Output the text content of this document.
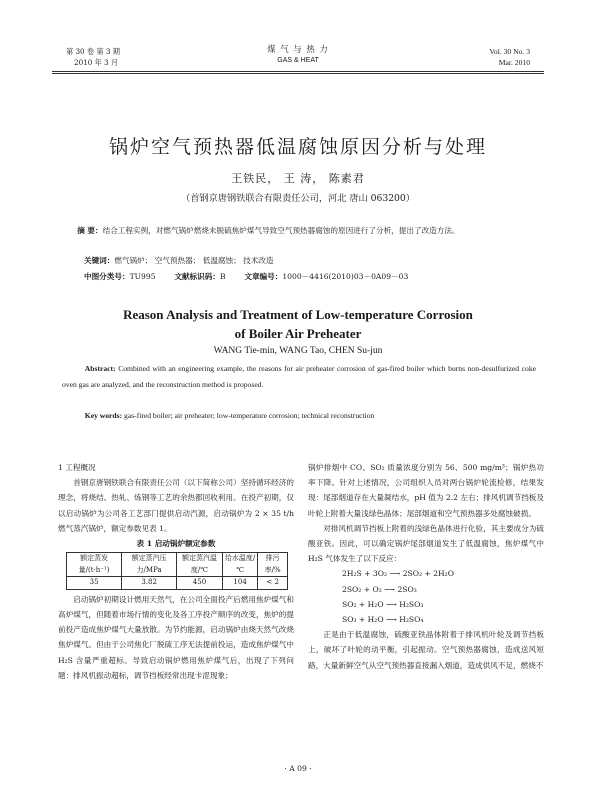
第 30 卷 第 3 期
2010 年 3 月
煤 气 与 热 力
GAS & HEAT
Vol. 30 No. 3
Mar. 2010
锅炉空气预热器低温腐蚀原因分析与处理
王铁民， 王 涛， 陈素君
（首钢京唐钢铁联合有限责任公司，河北 唐山 063200）
摘 要：结合工程实例，对燃气锅炉燃烧未脱硫焦炉煤气导致空气预热器腐蚀的原因进行了分析，提出了改造方法。
关键词：燃气锅炉； 空气预热器； 低温腐蚀； 技术改造
中图分类号：TU995 文献标识码：B 文章编号：1000－4416(2010)03－0A09－03
Reason Analysis and Treatment of Low-temperature Corrosion
of Boiler Air Preheater
WANG Tie-min, WANG Tao, CHEN Su-jun
Abstract: Combined with an engineering example, the reasons for air preheater corrosion of gas-fired boiler which burns non-desulfurized coke oven gas are analyzed, and the reconstruction method is proposed.
Key words: gas-fired boiler; air preheater; low-temperature corrosion; technical reconstruction

1 工程概况

首钢京唐钢铁联合有限责任公司（以下简称公司）坚持循环经济的理念，将烧结、热轧、炼钢等工艺的余热都回收利用。在投产初期，仅以启动锅炉为公司各工艺部门提供启动汽源，启动锅炉为 2 × 35 t/h 燃气蒸汽锅炉，额定参数见表 1。

表 1 启动锅炉额定参数

额定蒸发量/(t·h⁻¹)	额定蒸汽压力/MPa	额定蒸汽温度/℃	给水温度/℃	排污率/%
35	3.82	450	104	< 2

启动锅炉初期设计燃用天然气，在公司全面投产后燃用焦炉煤气和高炉煤气，但随着市场行情的变化及各工序投产顺序的改变，焦炉的提前投产造成焦炉煤气大量放散。为节约能源，启动锅炉由烧天然气改烧焦炉煤气。但由于公司焦化厂脱硫工序无法提前投运，造成焦炉煤气中 H₂S 含量严重超标。导致启动锅炉燃用焦炉煤气后，出现了下列问题：排风机振动超标，调节挡板经常出现卡涩现象；

锅炉排烟中 CO、SO₂ 质量浓度分别为 56、500 mg/m³；锅炉热功率下降。针对上述情况，公司组织人员对两台锅炉轮流检修，结果发现：尾部烟道存在大量凝结水，pH 值为 2.2 左右；排风机调节挡板及叶轮上附着大量浅绿色晶体；尾部烟道和空气预热器多处腐蚀破损。

对排风机调节挡板上附着的浅绿色晶体进行化验，其主要成分为硫酸亚铁。因此，可以确定锅炉尾部烟道发生了低温腐蚀，焦炉煤气中 H₂S 气体发生了以下反应：

2H₂S + 3O₂ ⟶ 2SO₂ + 2H₂O

2SO₂ + O₂ ⟶ 2SO₃

SO₂ + H₂O ⟶ H₂SO₃

SO₃ + H₂O ⟶ H₂SO₄

正是由于低温腐蚀，硫酸亚铁晶体附着于排风机叶轮及调节挡板上，破坏了叶轮的动平衡，引起振动。空气预热器腐蚀，造成送风短路，大量新鲜空气从空气预热器直接漏入烟道，造成供风不足，燃烧不

· A 09 ·
